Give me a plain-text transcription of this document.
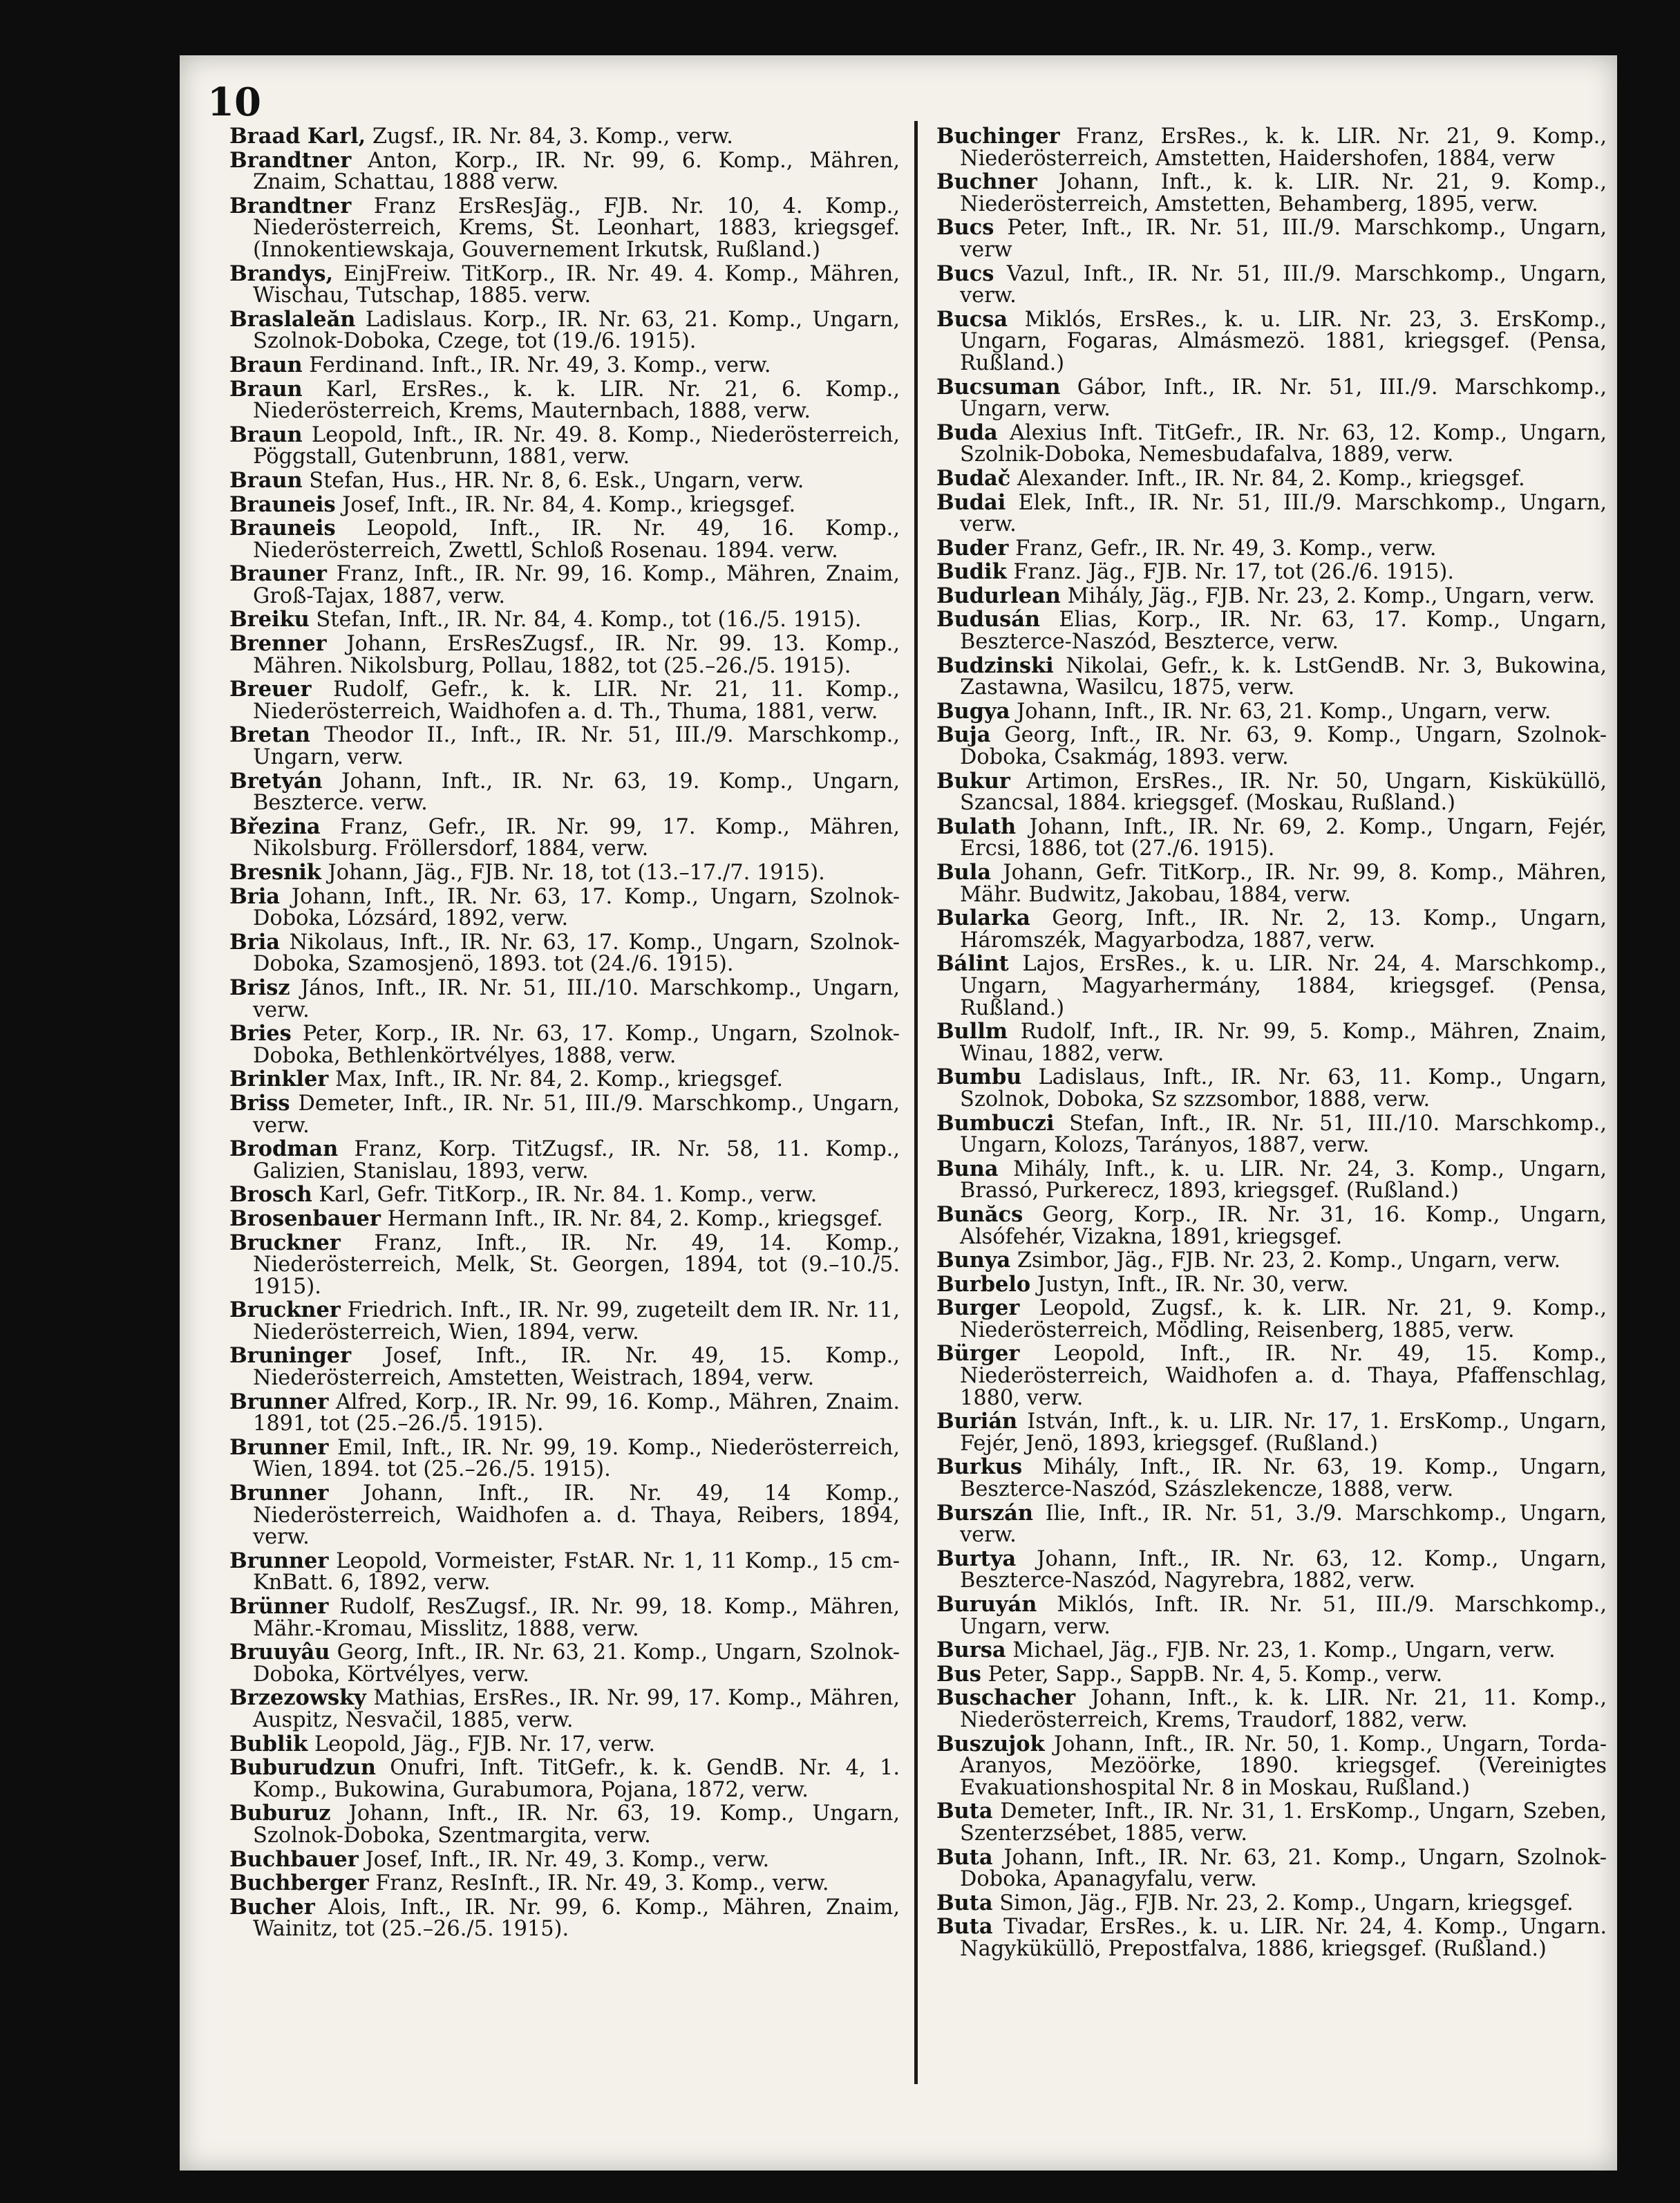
10

Braad Karl, Zugsf., IR. Nr. 84, 3. Komp., verw.

Brandtner Anton, Korp., IR. Nr. 99, 6. Komp., Mähren, Znaim, Schattau, 1888 verw.

Brandtner Franz ErsResJäg., FJB. Nr. 10, 4. Komp., Niederösterreich, Krems, St. Leonhart, 1883, kriegsgef. (Innokentiewskaja, Gouvernement Irkutsk, Rußland.)

Brandys, EinjFreiw. TitKorp., IR. Nr. 49. 4. Komp., Mähren, Wischau, Tutschap, 1885. verw.

Braslaleăn Ladislaus. Korp., IR. Nr. 63, 21. Komp., Ungarn, Szolnok-Doboka, Czege, tot (19./6. 1915).

Braun Ferdinand. Inft., IR. Nr. 49, 3. Komp., verw.

Braun Karl, ErsRes., k. k. LIR. Nr. 21, 6. Komp., Niederösterreich, Krems, Mauternbach, 1888, verw.

Braun Leopold, Inft., IR. Nr. 49. 8. Komp., Niederösterreich, Pöggstall, Gutenbrunn, 1881, verw.

Braun Stefan, Hus., HR. Nr. 8, 6. Esk., Ungarn, verw.

Brauneis Josef, Inft., IR. Nr. 84, 4. Komp., kriegsgef.

Brauneis Leopold, Inft., IR. Nr. 49, 16. Komp., Niederösterreich, Zwettl, Schloß Rosenau. 1894. verw.

Brauner Franz, Inft., IR. Nr. 99, 16. Komp., Mähren, Znaim, Groß-Tajax, 1887, verw.

Breiku Stefan, Inft., IR. Nr. 84, 4. Komp., tot (16./5. 1915).

Brenner Johann, ErsResZugsf., IR. Nr. 99. 13. Komp., Mähren. Nikolsburg, Pollau, 1882, tot (25.–26./5. 1915).

Breuer Rudolf, Gefr., k. k. LIR. Nr. 21, 11. Komp., Niederösterreich, Waidhofen a. d. Th., Thuma, 1881, verw.

Bretan Theodor II., Inft., IR. Nr. 51, III./9. Marschkomp., Ungarn, verw.

Bretyán Johann, Inft., IR. Nr. 63, 19. Komp., Ungarn, Beszterce. verw.

Březina Franz, Gefr., IR. Nr. 99, 17. Komp., Mähren, Nikolsburg. Fröllersdorf, 1884, verw.

Bresnik Johann, Jäg., FJB. Nr. 18, tot (13.–17./7. 1915).

Bria Johann, Inft., IR. Nr. 63, 17. Komp., Ungarn, Szolnok-Doboka, Lózsárd, 1892, verw.

Bria Nikolaus, Inft., IR. Nr. 63, 17. Komp., Ungarn, Szolnok-Doboka, Szamosjenö, 1893. tot (24./6. 1915).

Brisz János, Inft., IR. Nr. 51, III./10. Marschkomp., Ungarn, verw.

Bries Peter, Korp., IR. Nr. 63, 17. Komp., Ungarn, Szolnok-Doboka, Bethlenkörtvélyes, 1888, verw.

Brinkler Max, Inft., IR. Nr. 84, 2. Komp., kriegsgef.

Briss Demeter, Inft., IR. Nr. 51, III./9. Marschkomp., Ungarn, verw.

Brodman Franz, Korp. TitZugsf., IR. Nr. 58, 11. Komp., Galizien, Stanislau, 1893, verw.

Brosch Karl, Gefr. TitKorp., IR. Nr. 84. 1. Komp., verw.

Brosenbauer Hermann Inft., IR. Nr. 84, 2. Komp., kriegsgef.

Bruckner Franz, Inft., IR. Nr. 49, 14. Komp., Niederösterreich, Melk, St. Georgen, 1894, tot (9.–10./5. 1915).

Bruckner Friedrich. Inft., IR. Nr. 99, zugeteilt dem IR. Nr. 11, Niederösterreich, Wien, 1894, verw.

Bruninger Josef, Inft., IR. Nr. 49, 15. Komp., Niederösterreich, Amstetten, Weistrach, 1894, verw.

Brunner Alfred, Korp., IR. Nr. 99, 16. Komp., Mähren, Znaim. 1891, tot (25.–26./5. 1915).

Brunner Emil, Inft., IR. Nr. 99, 19. Komp., Niederösterreich, Wien, 1894. tot (25.–26./5. 1915).

Brunner Johann, Inft., IR. Nr. 49, 14 Komp., Niederösterreich, Waidhofen a. d. Thaya, Reibers, 1894, verw.

Brunner Leopold, Vormeister, FstAR. Nr. 1, 11 Komp., 15 cm-KnBatt. 6, 1892, verw.

Brünner Rudolf, ResZugsf., IR. Nr. 99, 18. Komp., Mähren, Mähr.-Kromau, Misslitz, 1888, verw.

Bruuyâu Georg, Inft., IR. Nr. 63, 21. Komp., Ungarn, Szolnok-Doboka, Körtvélyes, verw.

Brzezowsky Mathias, ErsRes., IR. Nr. 99, 17. Komp., Mähren, Auspitz, Nesvačil, 1885, verw.

Bublik Leopold, Jäg., FJB. Nr. 17, verw.

Buburudzun Onufri, Inft. TitGefr., k. k. GendB. Nr. 4, 1. Komp., Bukowina, Gurabumora, Pojana, 1872, verw.

Buburuz Johann, Inft., IR. Nr. 63, 19. Komp., Ungarn, Szolnok-Doboka, Szentmargita, verw.

Buchbauer Josef, Inft., IR. Nr. 49, 3. Komp., verw.

Buchberger Franz, ResInft., IR. Nr. 49, 3. Komp., verw.

Bucher Alois, Inft., IR. Nr. 99, 6. Komp., Mähren, Znaim, Wainitz, tot (25.–26./5. 1915).

Buchinger Franz, ErsRes., k. k. LIR. Nr. 21, 9. Komp., Niederösterreich, Amstetten, Haidershofen, 1884, verw

Buchner Johann, Inft., k. k. LIR. Nr. 21, 9. Komp., Niederösterreich, Amstetten, Behamberg, 1895, verw.

Bucs Peter, Inft., IR. Nr. 51, III./9. Marschkomp., Ungarn, verw

Bucs Vazul, Inft., IR. Nr. 51, III./9. Marschkomp., Ungarn, verw.

Bucsa Miklós, ErsRes., k. u. LIR. Nr. 23, 3. ErsKomp., Ungarn, Fogaras, Almásmezö. 1881, kriegsgef. (Pensa, Rußland.)

Bucsuman Gábor, Inft., IR. Nr. 51, III./9. Marschkomp., Ungarn, verw.

Buda Alexius Inft. TitGefr., IR. Nr. 63, 12. Komp., Ungarn, Szolnik-Doboka, Nemesbudafalva, 1889, verw.

Budač Alexander. Inft., IR. Nr. 84, 2. Komp., kriegsgef.

Budai Elek, Inft., IR. Nr. 51, III./9. Marschkomp., Ungarn, verw.

Buder Franz, Gefr., IR. Nr. 49, 3. Komp., verw.

Budik Franz. Jäg., FJB. Nr. 17, tot (26./6. 1915).

Budurlean Mihály, Jäg., FJB. Nr. 23, 2. Komp., Ungarn, verw.

Budusán Elias, Korp., IR. Nr. 63, 17. Komp., Ungarn, Beszterce-Naszód, Beszterce, verw.

Budzinski Nikolai, Gefr., k. k. LstGendB. Nr. 3, Bukowina, Zastawna, Wasilcu, 1875, verw.

Bugya Johann, Inft., IR. Nr. 63, 21. Komp., Ungarn, verw.

Buja Georg, Inft., IR. Nr. 63, 9. Komp., Ungarn, Szolnok-Doboka, Csakmág, 1893. verw.

Bukur Artimon, ErsRes., IR. Nr. 50, Ungarn, Kisküküllö, Szancsal, 1884. kriegsgef. (Moskau, Rußland.)

Bulath Johann, Inft., IR. Nr. 69, 2. Komp., Ungarn, Fejér, Ercsi, 1886, tot (27./6. 1915).

Bula Johann, Gefr. TitKorp., IR. Nr. 99, 8. Komp., Mähren, Mähr. Budwitz, Jakobau, 1884, verw.

Bularka Georg, Inft., IR. Nr. 2, 13. Komp., Ungarn, Háromszék, Magyarbodza, 1887, verw.

Bálint Lajos, ErsRes., k. u. LIR. Nr. 24, 4. Marschkomp., Ungarn, Magyarhermány, 1884, kriegsgef. (Pensa, Rußland.)

Bullm Rudolf, Inft., IR. Nr. 99, 5. Komp., Mähren, Znaim, Winau, 1882, verw.

Bumbu Ladislaus, Inft., IR. Nr. 63, 11. Komp., Ungarn, Szolnok, Doboka, Sz szzsombor, 1888, verw.

Bumbuczi Stefan, Inft., IR. Nr. 51, III./10. Marschkomp., Ungarn, Kolozs, Tarányos, 1887, verw.

Buna Mihály, Inft., k. u. LIR. Nr. 24, 3. Komp., Ungarn, Brassó, Purkerecz, 1893, kriegsgef. (Rußland.)

Bunăcs Georg, Korp., IR. Nr. 31, 16. Komp., Ungarn, Alsófehér, Vizakna, 1891, kriegsgef.

Bunya Zsimbor, Jäg., FJB. Nr. 23, 2. Komp., Ungarn, verw.

Burbelo Justyn, Inft., IR. Nr. 30, verw.

Burger Leopold, Zugsf., k. k. LIR. Nr. 21, 9. Komp., Niederösterreich, Mödling, Reisenberg, 1885, verw.

Bürger Leopold, Inft., IR. Nr. 49, 15. Komp., Niederösterreich, Waidhofen a. d. Thaya, Pfaffenschlag, 1880, verw.

Burián István, Inft., k. u. LIR. Nr. 17, 1. ErsKomp., Ungarn, Fejér, Jenö, 1893, kriegsgef. (Rußland.)

Burkus Mihály, Inft., IR. Nr. 63, 19. Komp., Ungarn, Beszterce-Naszód, Szászlekencze, 1888, verw.

Burszán Ilie, Inft., IR. Nr. 51, 3./9. Marschkomp., Ungarn, verw.

Burtya Johann, Inft., IR. Nr. 63, 12. Komp., Ungarn, Beszterce-Naszód, Nagyrebra, 1882, verw.

Buruyán Miklós, Inft. IR. Nr. 51, III./9. Marschkomp., Ungarn, verw.

Bursa Michael, Jäg., FJB. Nr. 23, 1. Komp., Ungarn, verw.

Bus Peter, Sapp., SappB. Nr. 4, 5. Komp., verw.

Buschacher Johann, Inft., k. k. LIR. Nr. 21, 11. Komp., Niederösterreich, Krems, Traudorf, 1882, verw.

Buszujok Johann, Inft., IR. Nr. 50, 1. Komp., Ungarn, Torda-Aranyos, Mezöörke, 1890. kriegsgef. (Vereinigtes Evakuationshospital Nr. 8 in Moskau, Rußland.)

Buta Demeter, Inft., IR. Nr. 31, 1. ErsKomp., Ungarn, Szeben, Szenterzsébet, 1885, verw.

Buta Johann, Inft., IR. Nr. 63, 21. Komp., Ungarn, Szolnok-Doboka, Apanagyfalu, verw.

Buta Simon, Jäg., FJB. Nr. 23, 2. Komp., Ungarn, kriegsgef.

Buta Tivadar, ErsRes., k. u. LIR. Nr. 24, 4. Komp., Ungarn. Nagyküküllö, Prepostfalva, 1886, kriegsgef. (Rußland.)
